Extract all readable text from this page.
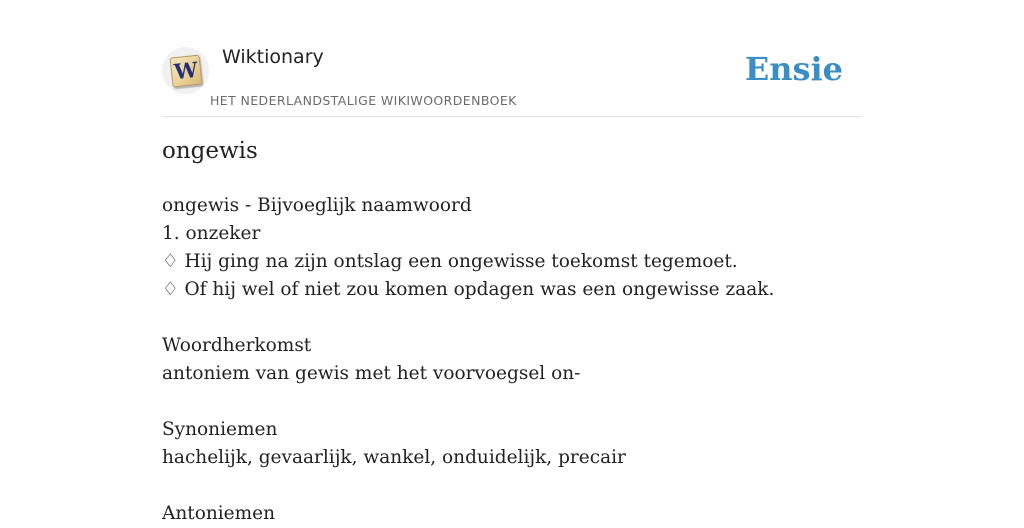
W Wiktionary
HET NEDERLANDSTALIGE WIKIWOORDENBOEK
Ensie
ongewis
ongewis - Bijvoeglijk naamwoord
1. onzeker
♢ Hij ging na zijn ontslag een ongewisse toekomst tegemoet.
♢ Of hij wel of niet zou komen opdagen was een ongewisse zaak.
Woordherkomst
antoniem van gewis met het voorvoegsel on-
Synoniemen
hachelijk, gevaarlijk, wankel, onduidelijk, precair
Antoniemen
